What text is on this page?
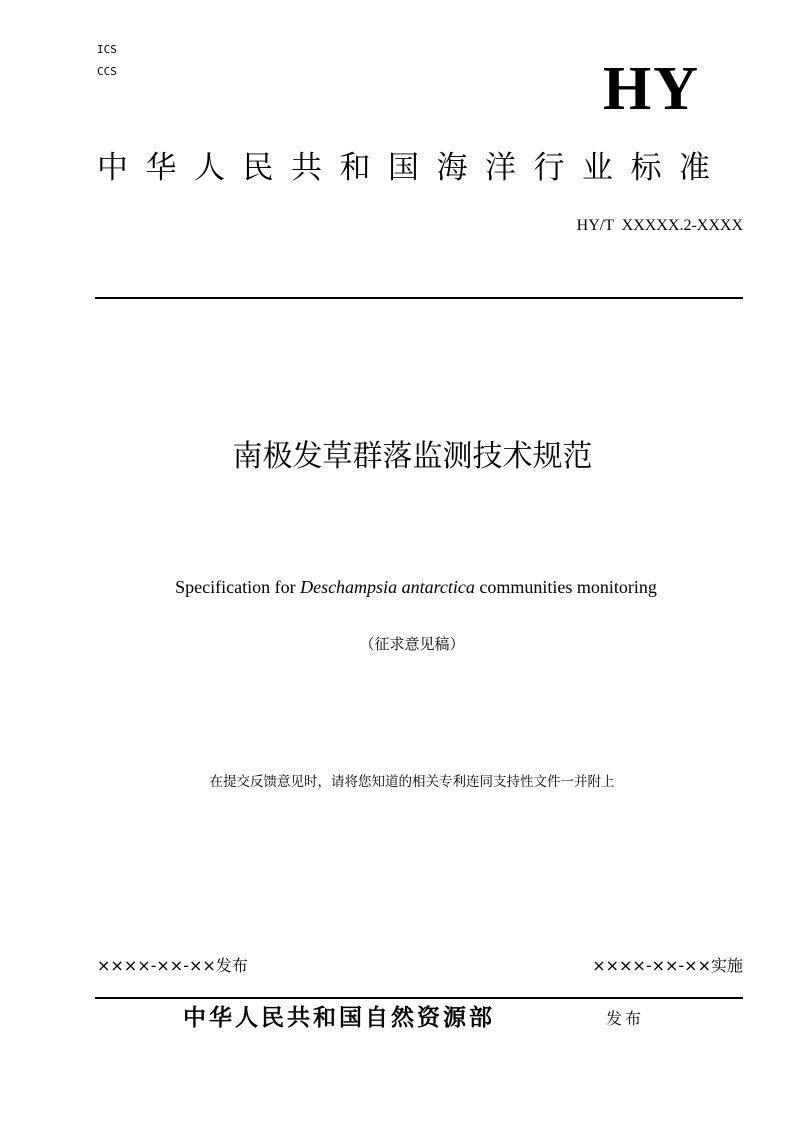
ICS
CCS	HY
中华人民共和国海洋行业标准
HY/T  XXXXX.2-XXXX
南极发草群落监测技术规范
Specification for Deschampsia antarctica communities monitoring
（征求意见稿）
在提交反馈意见时，请将您知道的相关专利连同支持性文件一并附上
××××-××-××发布	××××-××-××实施
中华人民共和国自然资源部	发布
